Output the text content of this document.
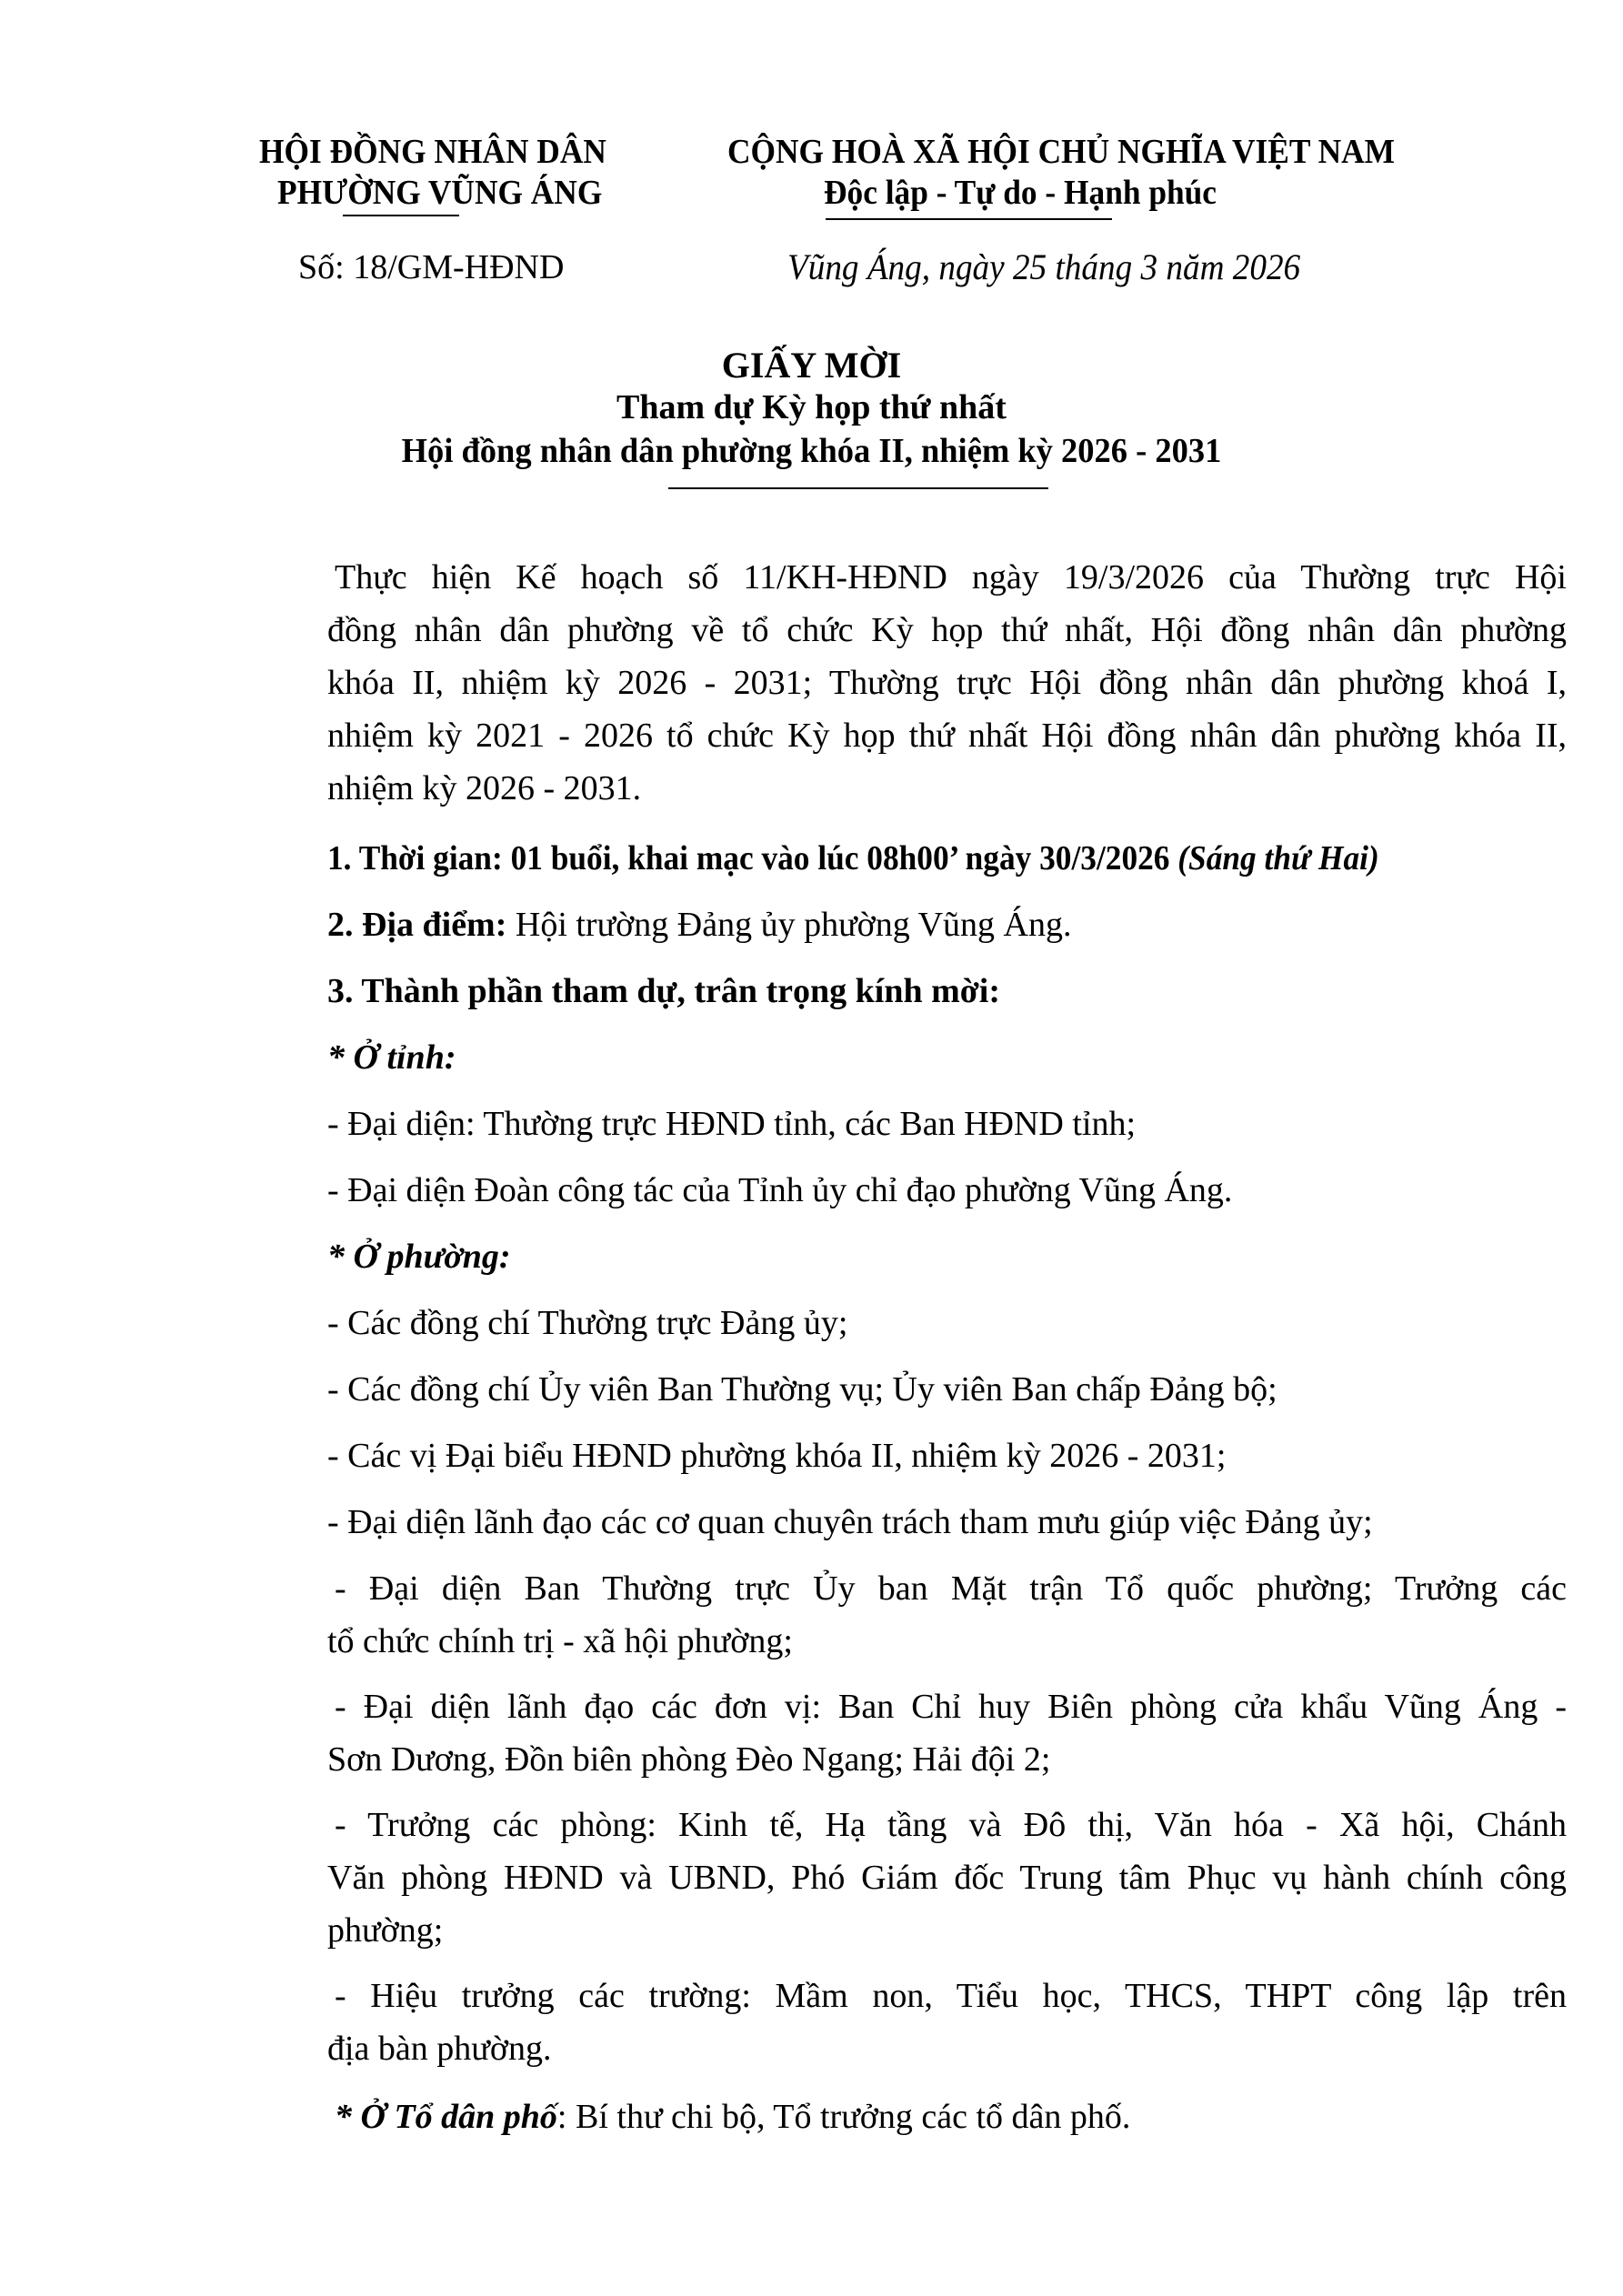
HỘI ĐỒNG NHÂN DÂN
PHƯỜNG VŨNG ÁNG
Số: 18/GM-HĐND
CỘNG HOÀ XÃ HỘI CHỦ NGHĨA VIỆT NAM
Độc lập - Tự do - Hạnh phúc
Vũng Áng, ngày 25 tháng 3 năm 2026
GIẤY MỜI
Tham dự Kỳ họp thứ nhất
Hội đồng nhân dân phường khóa II, nhiệm kỳ 2026 - 2031
Thực hiện Kế hoạch số 11/KH-HĐND ngày 19/3/2026 của Thường trực Hội
đồng nhân dân phường về tổ chức Kỳ họp thứ nhất, Hội đồng nhân dân phường
khóa II, nhiệm kỳ 2026 - 2031; Thường trực Hội đồng nhân dân phường khoá I,
nhiệm kỳ 2021 - 2026 tổ chức Kỳ họp thứ nhất Hội đồng nhân dân phường khóa II,
nhiệm kỳ 2026 - 2031.
1. Thời gian: 01 buổi, khai mạc vào lúc 08h00’ ngày 30/3/2026 (Sáng thứ Hai)
2. Địa điểm: Hội trường Đảng ủy phường Vũng Áng.
3. Thành phần tham dự, trân trọng kính mời:
* Ở tỉnh:
- Đại diện: Thường trực HĐND tỉnh, các Ban HĐND tỉnh;
- Đại diện Đoàn công tác của Tỉnh ủy chỉ đạo phường Vũng Áng.
* Ở phường:
- Các đồng chí Thường trực Đảng ủy;
- Các đồng chí Ủy viên Ban Thường vụ; Ủy viên Ban chấp Đảng bộ;
- Các vị Đại biểu HĐND phường khóa II, nhiệm kỳ 2026 - 2031;
- Đại diện lãnh đạo các cơ quan chuyên trách tham mưu giúp việc Đảng ủy;
- Đại diện Ban Thường trực Ủy ban Mặt trận Tổ quốc phường; Trưởng các
tổ chức chính trị - xã hội phường;
- Đại diện lãnh đạo các đơn vị: Ban Chỉ huy Biên phòng cửa khẩu Vũng Áng -
Sơn Dương, Đồn biên phòng Đèo Ngang; Hải đội 2;
- Trưởng các phòng: Kinh tế, Hạ tầng và Đô thị, Văn hóa - Xã hội, Chánh
Văn phòng HĐND và UBND, Phó Giám đốc Trung tâm Phục vụ hành chính công
phường;
- Hiệu trưởng các trường: Mầm non, Tiểu học, THCS, THPT công lập trên
địa bàn phường.
* Ở Tổ dân phố: Bí thư chi bộ, Tổ trưởng các tổ dân phố.
